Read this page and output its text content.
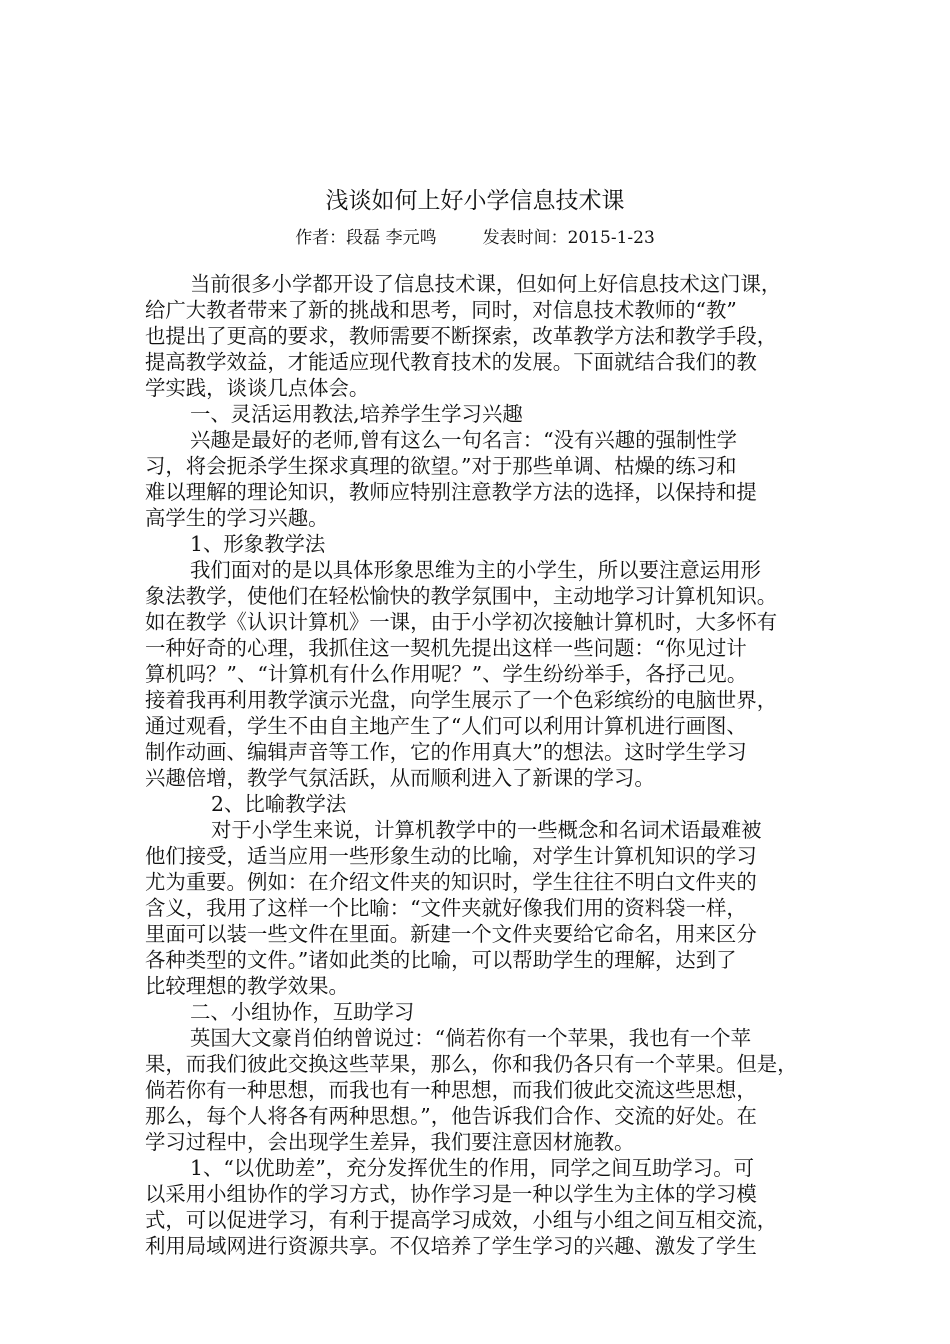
浅谈如何上好小学信息技术课
作者：段磊 李元鸣	发表时间：2015-1-23
当前很多小学都开设了信息技术课，但如何上好信息技术这门课，
给广大教者带来了新的挑战和思考，同时，对信息技术教师的“教”
也提出了更高的要求，教师需要不断探索，改革教学方法和教学手段，
提高教学效益，才能适应现代教育技术的发展。下面就结合我们的教
学实践，谈谈几点体会。
一、灵活运用教法,培养学生学习兴趣
兴趣是最好的老师,曾有这么一句名言：“没有兴趣的强制性学
习，将会扼杀学生探求真理的欲望。”对于那些单调、枯燥的练习和
难以理解的理论知识，教师应特别注意教学方法的选择，以保持和提
高学生的学习兴趣。
1、形象教学法
我们面对的是以具体形象思维为主的小学生，所以要注意运用形
象法教学，使他们在轻松愉快的教学氛围中，主动地学习计算机知识。
如在教学《认识计算机》一课，由于小学初次接触计算机时，大多怀有
一种好奇的心理，我抓住这一契机先提出这样一些问题：“你见过计
算机吗？”、“计算机有什么作用呢？”、学生纷纷举手，各抒己见。
接着我再利用教学演示光盘，向学生展示了一个色彩缤纷的电脑世界，
通过观看，学生不由自主地产生了“人们可以利用计算机进行画图、
制作动画、编辑声音等工作，它的作用真大”的想法。这时学生学习
兴趣倍增，教学气氛活跃，从而顺利进入了新课的学习。
2、比喻教学法
对于小学生来说，计算机教学中的一些概念和名词术语最难被
他们接受，适当应用一些形象生动的比喻，对学生计算机知识的学习
尤为重要。例如：在介绍文件夹的知识时，学生往往不明白文件夹的
含义，我用了这样一个比喻：“文件夹就好像我们用的资料袋一样，
里面可以装一些文件在里面。新建一个文件夹要给它命名，用来区分
各种类型的文件。”诸如此类的比喻，可以帮助学生的理解，达到了
比较理想的教学效果。
二、小组协作，互助学习
英国大文豪肖伯纳曾说过：“倘若你有一个苹果，我也有一个苹
果，而我们彼此交换这些苹果，那么，你和我仍各只有一个苹果。但是，
倘若你有一种思想，而我也有一种思想，而我们彼此交流这些思想，
那么，每个人将各有两种思想。”，他告诉我们合作、交流的好处。在
学习过程中，会出现学生差异，我们要注意因材施教。
1、“以优助差”，充分发挥优生的作用，同学之间互助学习。可
以采用小组协作的学习方式，协作学习是一种以学生为主体的学习模
式，可以促进学习，有利于提高学习成效，小组与小组之间互相交流，
利用局域网进行资源共享。不仅培养了学生学习的兴趣、激发了学生
